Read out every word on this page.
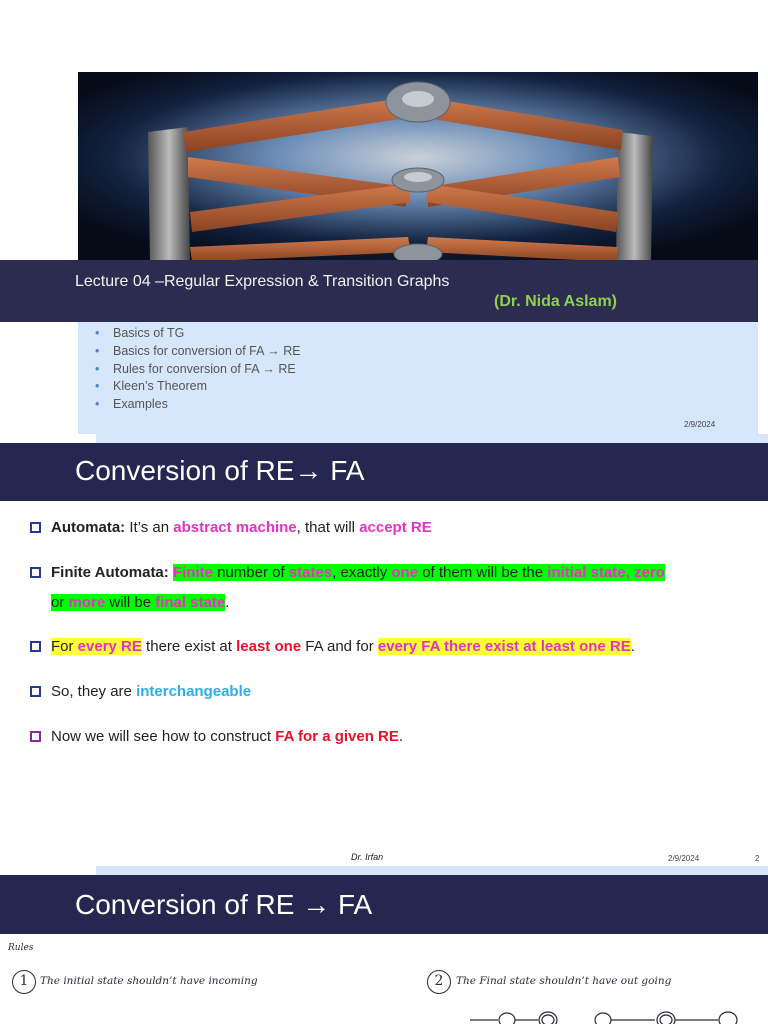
Lecture 04 –Regular Expression & Transition Graphs
(Dr. Nida Aslam)
• Basics of TG
• Basics for conversion of FA → RE
• Rules for conversion of FA → RE
• Kleen’s Theorem
• Examples
2/9/2024
Conversion of RE→ FA
Automata: It’s an abstract machine, that will accept RE
Finite Automata: Finite number of states, exactly one of them will be the initial state, zero
or more will be final state.
For every RE there exist at least one FA and for every FA there exist at least one RE.
So, they are interchangeable
Now we will see how to construct FA for a given RE.
Dr. Irfan	2/9/2024	2
Conversion of RE → FA
Rules
1	The initial state shouldn’t have incoming	2	The Final state shouldn’t have out going
